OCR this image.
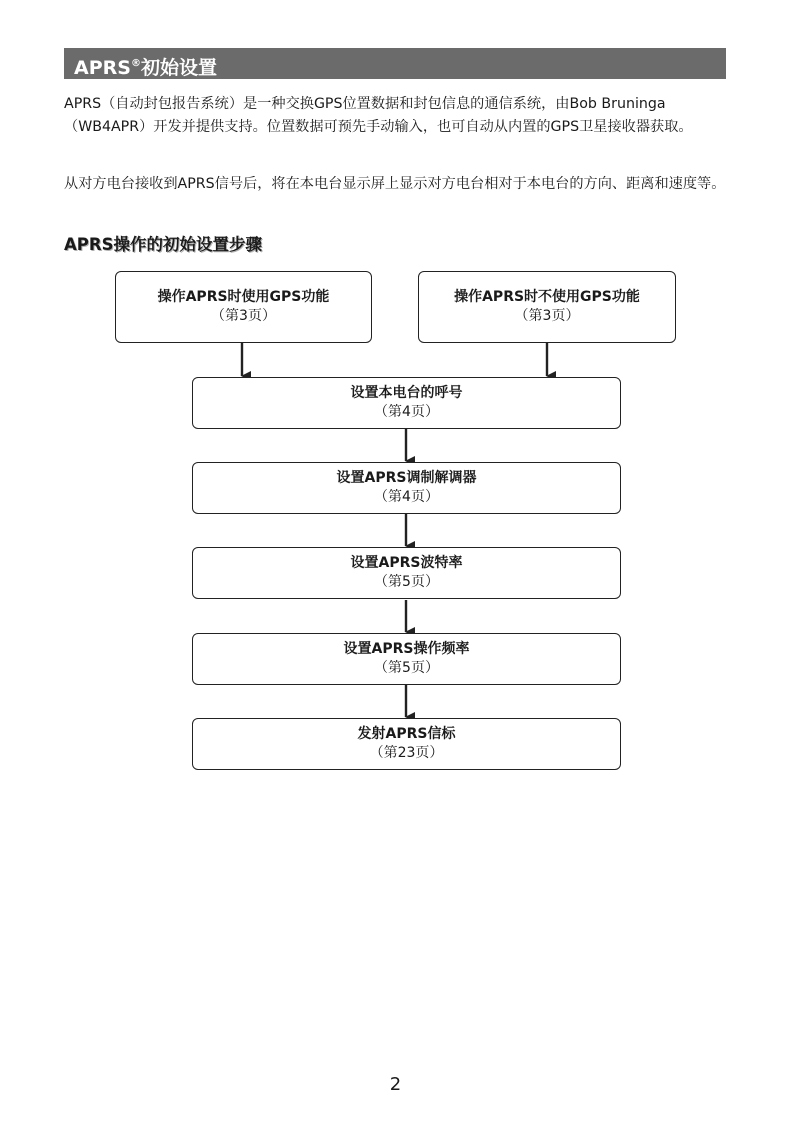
APRS®初始设置

APRS（自动封包报告系统）是一种交换GPS位置数据和封包信息的通信系统，由Bob Bruninga（WB4APR）开发并提供支持。位置数据可预先手动输入，也可自动从内置的GPS卫星接收器获取。

从对方电台接收到APRS信号后，将在本电台显示屏上显示对方电台相对于本电台的方向、距离和速度等。

APRS操作的初始设置步骤
操作APRS时使用GPS功能
（第3页）
操作APRS时不使用GPS功能
（第3页）
设置本电台的呼号
（第4页）
设置APRS调制解调器
（第4页）
设置APRS波特率
（第5页）
设置APRS操作频率
（第5页）
发射APRS信标
（第23页）
2
